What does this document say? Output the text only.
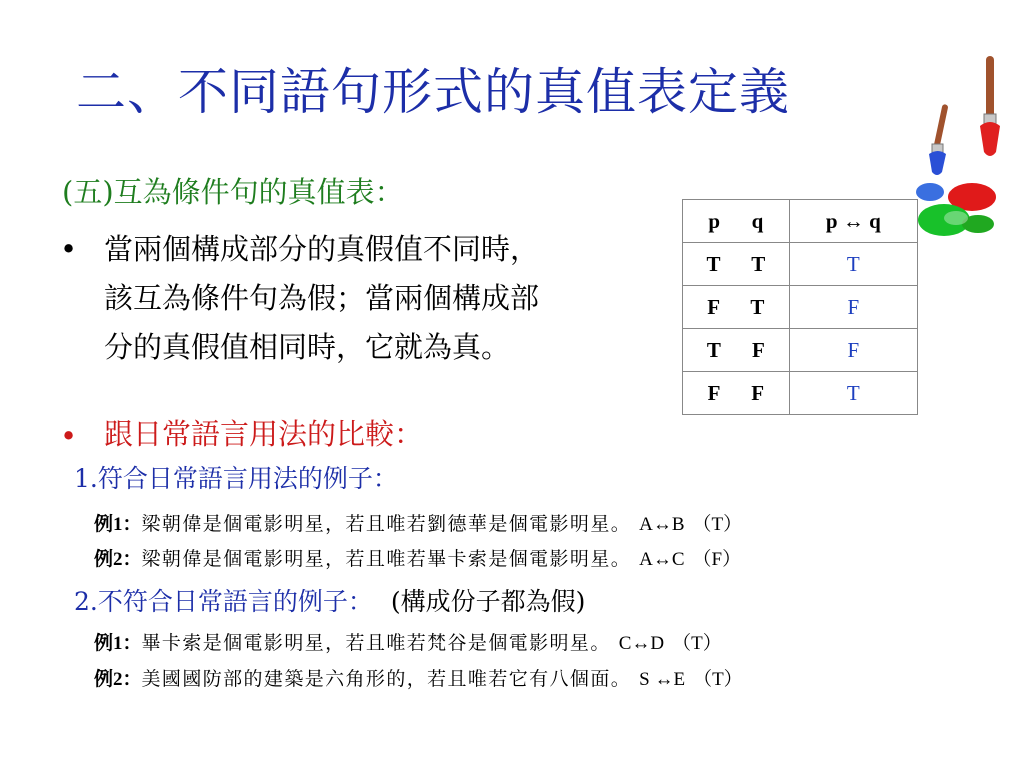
二、不同語句形式的真值表定義
(五)互為條件句的真值表：
• 當兩個構成部分的真假值不同時，
該互為條件句為假；當兩個構成部
分的真假值相同時，它就為真。
p      q	p ↔ q
T      T	T
F      T	F
T      F	F
F      F	T
• 跟日常語言用法的比較：
1.符合日常語言用法的例子：
例1：梁朝偉是個電影明星，若且唯若劉德華是個電影明星。 A↔B （T）
例2：梁朝偉是個電影明星，若且唯若畢卡索是個電影明星。 A↔C （F）
2.不符合日常語言的例子： (構成份子都為假)
例1：畢卡索是個電影明星，若且唯若梵谷是個電影明星。 C↔D （T）
例2：美國國防部的建築是六角形的，若且唯若它有八個面。 S ↔E （T）
